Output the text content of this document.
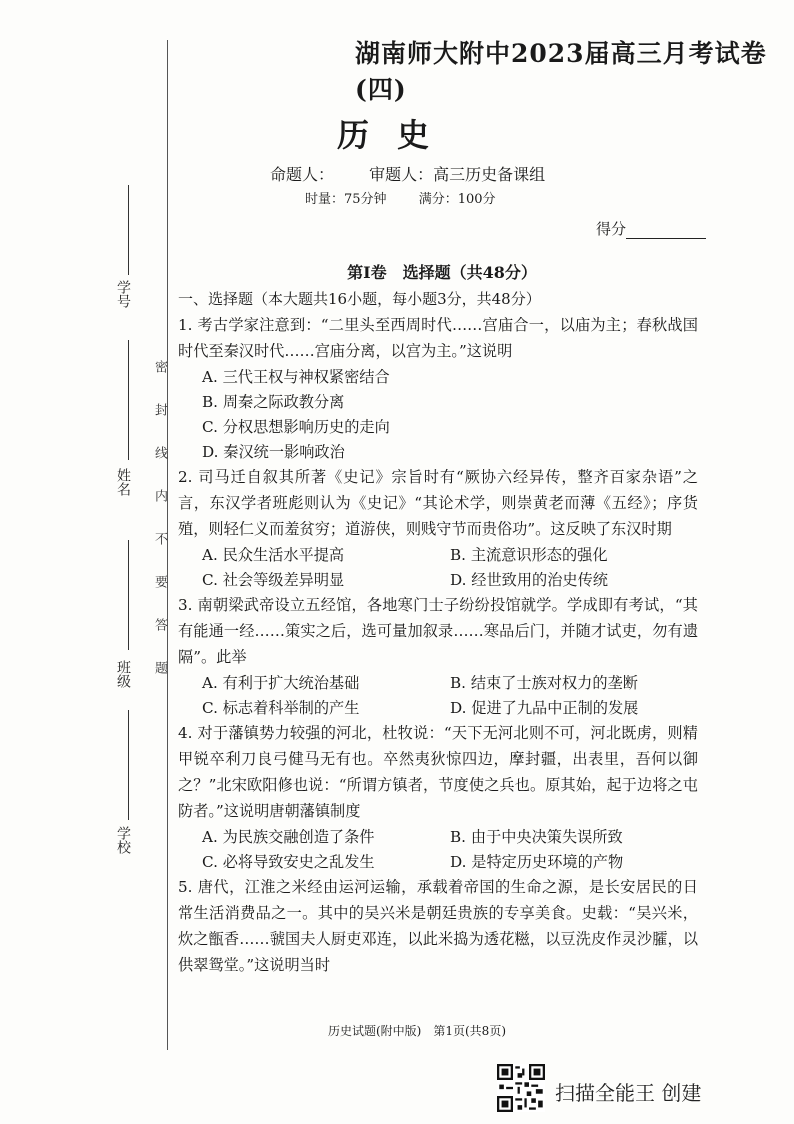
学号
姓名
班级
学校
密封线内不要答题
湖南师大附中2023届高三月考试卷(四)
历史
命题人： 审题人：高三历史备课组
时量：75分钟 满分：100分
得分
第Ⅰ卷　选择题（共48分）
一、选择题（本大题共16小题，每小题3分，共48分）

1. 考古学家注意到：“二里头至西周时代……宫庙合一，以庙为主；春秋战国时代至秦汉时代……宫庙分离，以宫为主。”这说明

A. 三代王权与神权紧密结合
B. 周秦之际政教分离
C. 分权思想影响历史的走向
D. 秦汉统一影响政治

2. 司马迁自叙其所著《史记》宗旨时有“厥协六经异传，整齐百家杂语”之言，东汉学者班彪则认为《史记》“其论术学，则崇黄老而薄《五经》；序货殖，则轻仁义而羞贫穷；道游侠，则贱守节而贵俗功”。这反映了东汉时期

A. 民众生活水平提高	B. 主流意识形态的强化
C. 社会等级差异明显	D. 经世致用的治史传统

3. 南朝梁武帝设立五经馆，各地寒门士子纷纷投馆就学。学成即有考试，“其有能通一经……策实之后，选可量加叙录……寒品后门，并随才试吏，勿有遗隔”。此举

A. 有利于扩大统治基础	B. 结束了士族对权力的垄断
C. 标志着科举制的产生	D. 促进了九品中正制的发展

4. 对于藩镇势力较强的河北，杜牧说：“天下无河北则不可，河北既虏，则精甲锐卒利刀良弓健马无有也。卒然夷狄惊四边，摩封疆，出表里，吾何以御之？”北宋欧阳修也说：“所谓方镇者，节度使之兵也。原其始，起于边将之屯防者。”这说明唐朝藩镇制度

A. 为民族交融创造了条件	B. 由于中央决策失误所致
C. 必将导致安史之乱发生	D. 是特定历史环境的产物

5. 唐代，江淮之米经由运河运输，承载着帝国的生命之源，是长安居民的日常生活消费品之一。其中的吴兴米是朝廷贵族的专享美食。史载：“吴兴米，炊之甑香……虢国夫人厨吏邓连，以此米捣为透花糍，以豆洗皮作灵沙臛，以供翠鸳堂。”这说明当时

历史试题(附中版)　第1页(共8页)
扫描全能王 创建
